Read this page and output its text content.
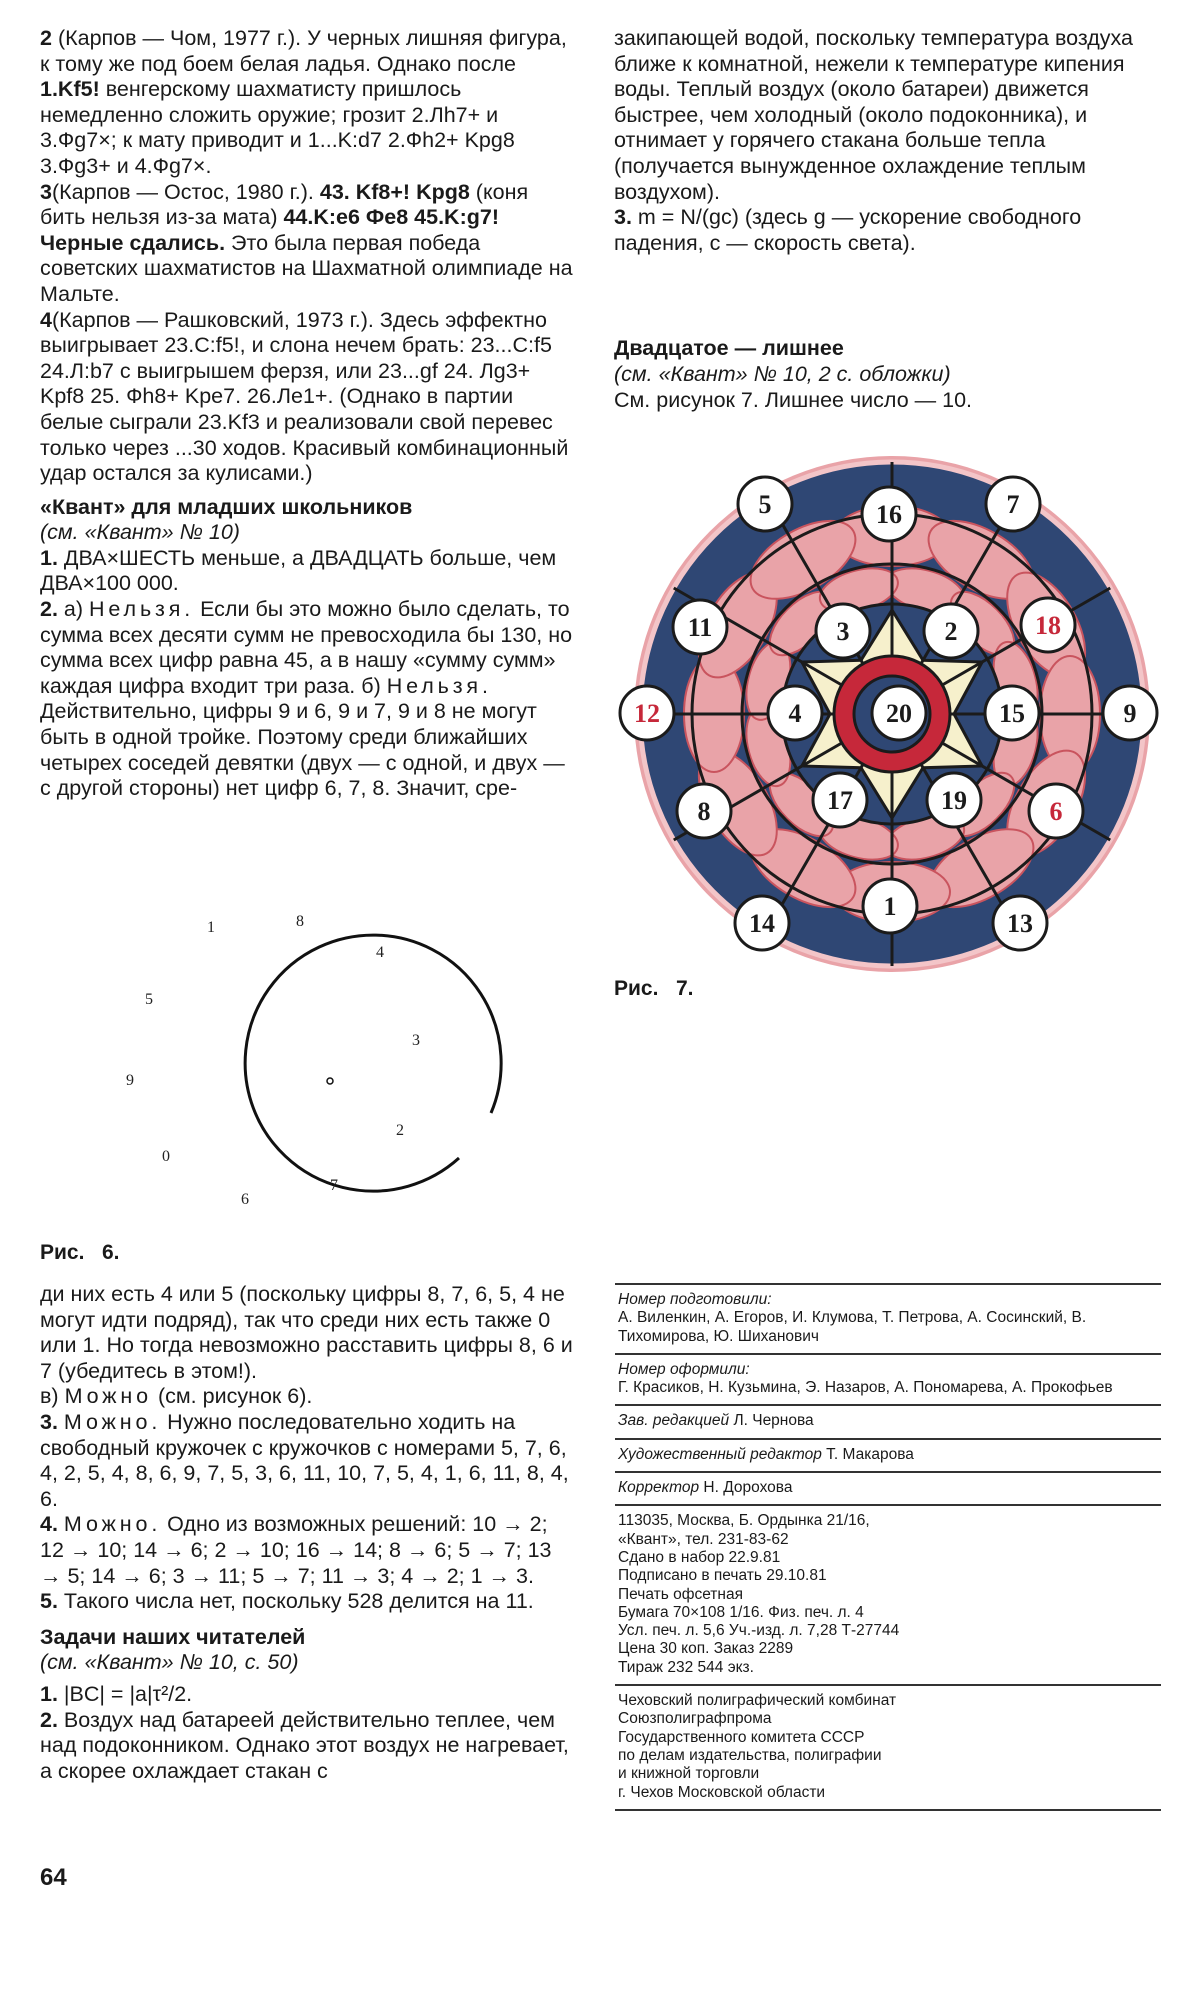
2 (Карпов — Чом, 1977 г.). У черных лишняя фигура, к тому же под боем белая ладья. Однако после 1.Kf5! венгерскому шахматисту пришлось немедленно сложить оружие; грозит 2.Лh7+ и 3.Фg7×; к мату приводит и 1...K:d7 2.Фh2+ Kpg8 3.Фg3+ и 4.Фg7×.

3(Карпов — Остос, 1980 г.). 43. Kf8+! Kpg8 (коня бить нельзя из-за мата) 44.K:e6 Фe8 45.K:g7! Черные сдались. Это была первая победа советских шахматистов на Шахматной олимпиаде на Мальте.

4(Карпов — Рашковский, 1973 г.). Здесь эффектно выигрывает 23.С:f5!, и слона нечем брать: 23...С:f5 24.Л:b7 с выигрышем ферзя, или 23...gf 24. Лg3+ Kpf8 25. Фh8+ Kpe7. 26.Лe1+. (Однако в партии белые сыграли 23.Kf3 и реализовали свой перевес только через ...30 ходов. Красивый комбинационный удар остался за кулисами.)

«Квант» для младших школьников

(см. «Квант» № 10)

1. ДВА×ШЕСТЬ меньше, а ДВАДЦАТЬ больше, чем ДВА×100 000.

2. а) Нельзя. Если бы это можно было сделать, то сумма всех десяти сумм не превосходила бы 130, но сумма всех цифр равна 45, а в нашу «сумму сумм» каждая цифра входит три раза. б) Нельзя. Действительно, цифры 9 и 6, 9 и 7, 9 и 8 не могут быть в одной тройке. Поэтому среди ближайших четырех соседей девятки (двух — с одной, и двух — с другой стороны) нет цифр 6, 7, 8. Значит, сре-

1	8
4
5
3
9
2
0
7
6
Рис. 6.

ди них есть 4 или 5 (поскольку цифры 8, 7, 6, 5, 4 не могут идти подряд), так что среди них есть также 0 или 1. Но тогда невозможно расставить цифры 8, 6 и 7 (убедитесь в этом!).

в) Можно (см. рисунок 6).

3. Можно. Нужно последовательно ходить на свободный кружочек с кружочков с номерами 5, 7, 6, 4, 2, 5, 4, 8, 6, 9, 7, 5, 3, 6, 11, 10, 7, 5, 4, 1, 6, 11, 8, 4, 6.

4. Можно. Одно из возможных решений: 10 → 2; 12 → 10; 14 → 6; 2 → 10; 16 → 14; 8 → 6; 5 → 7; 13 → 5; 14 → 6; 3 → 11; 5 → 7; 11 → 3; 4 → 2; 1 → 3.

5. Такого числа нет, поскольку 528 делится на 11.

Задачи наших читателей

(см. «Квант» № 10, с. 50)

1. |BC| = |a|τ²/2.

2. Воздух над батареей действительно теплее, чем над подоконником. Однако этот воздух не нагревает, а скорее охлаждает стакан с

64

закипающей водой, поскольку температура воздуха ближе к комнатной, нежели к температуре кипения воды. Теплый воздух (около батареи) движется быстрее, чем холодный (около подоконника), и отнимает у горячего стакана больше тепла (получается вынужденное охлаждение теплым воздухом).

3. m = N/(gc) (здесь g — ускорение свободного падения, c — скорость света).

Двадцатое — лишнее

(см. «Квант» № 10, 2 с. обложки)

См. рисунок 7. Лишнее число — 10.

5	16	7
11	3	2	18
12	4	20	15	9
8	17	19	6
14
1
13
Рис. 7.
Номер подготовили:
А. Виленкин, А. Егоров, И. Клумова, Т. Петрова, А. Сосинский, В. Тихомирова, Ю. Шиханович
Номер оформили:
Г. Красиков, Н. Кузьмина, Э. Назаров, А. Пономарева, А. Прокофьев
Зав. редакцией Л. Чернова
Художественный редактор Т. Макарова
Корректор Н. Дорохова
113035, Москва, Б. Ордынка 21/16,
«Квант», тел. 231-83-62
Сдано в набор 22.9.81
Подписано в печать 29.10.81
Печать офсетная
Бумага 70×108 1/16. Физ. печ. л. 4
Усл. печ. л. 5,6 Уч.-изд. л. 7,28 Т-27744
Цена 30 коп. Заказ 2289
Тираж 232 544 экз.
Чеховский полиграфический комбинат
Союзполиграфпрома
Государственного комитета СССР
по делам издательства, полиграфии
и книжной торговли
г. Чехов Московской области
